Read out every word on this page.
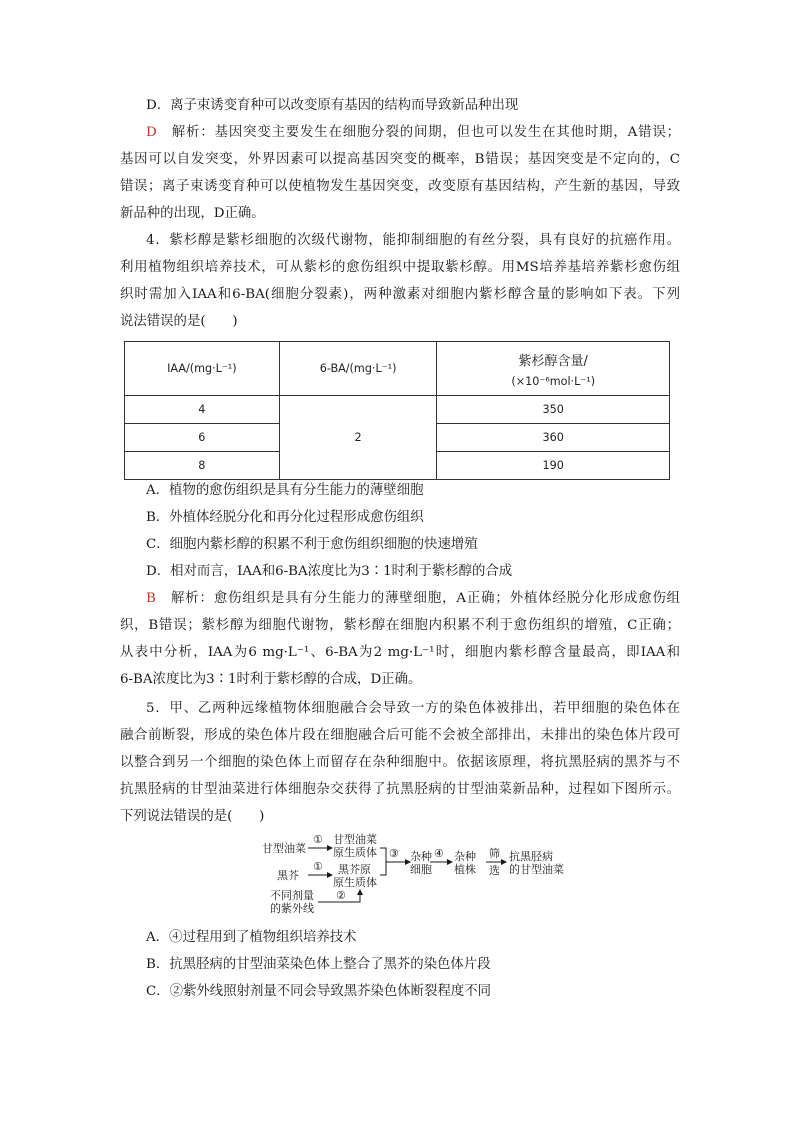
D．离子束诱变育种可以改变原有基因的结构而导致新品种出现
D　 解析：基因突变主要发生在细胞分裂的间期，但也可以发生在其他时期，A错误；
基因可以自发突变，外界因素可以提高基因突变的概率，B错误；基因突变是不定向的，C
错误；离子束诱变育种可以使植物发生基因突变，改变原有基因结构，产生新的基因，导致
新品种的出现，D正确。
4．紫杉醇是紫杉细胞的次级代谢物，能抑制细胞的有丝分裂，具有良好的抗癌作用。
利用植物组织培养技术，可从紫杉的愈伤组织中提取紫杉醇。用MS培养基培养紫杉愈伤组
织时需加入IAA和6-BA(细胞分裂素)，两种激素对细胞内紫杉醇含量的影响如下表。下列
说法错误的是(　　)
IAA/(mg·L⁻¹)	6-BA/(mg·L⁻¹)	紫杉醇含量/
(×10⁻⁶mol·L⁻¹)

4	2	350
6		360
8		190
A．植物的愈伤组织是具有分生能力的薄壁细胞
B．外植体经脱分化和再分化过程形成愈伤组织
C．细胞内紫杉醇的积累不利于愈伤组织细胞的快速增殖
D．相对而言，IAA和6-BA浓度比为3∶1时利于紫杉醇的合成
B　 解析：愈伤组织是具有分生能力的薄壁细胞，A正确；外植体经脱分化形成愈伤组
织，B错误；紫杉醇为细胞代谢物，紫杉醇在细胞内积累不利于愈伤组织的增殖，C正确；
从表中分析，IAA为6 mg·L⁻¹、6-BA为2 mg·L⁻¹时，细胞内紫杉醇含量最高，即IAA和
6-BA浓度比为3∶1时利于紫杉醇的合成，D正确。
5．甲、乙两种远缘植物体细胞融合会导致一方的染色体被排出，若甲细胞的染色体在
融合前断裂，形成的染色体片段在细胞融合后可能不会被全部排出，未排出的染色体片段可
以整合到另一个细胞的染色体上而留存在杂种细胞中。依据该原理，将抗黑胫病的黑芥与不
抗黑胫病的甘型油菜进行体细胞杂交获得了抗黑胫病的甘型油菜新品种，过程如下图所示。
下列说法错误的是(　　)
甘型油菜
黑芥
①
①
甘型油菜
原生质体
黑芥原
原生质体
不同剂量
的紫外线
②
③ 杂种
细胞
④ 杂种
植株
筛
选
抗黑胫病
的甘型油菜
A．④过程用到了植物组织培养技术
B．抗黑胫病的甘型油菜染色体上整合了黑芥的染色体片段
C．②紫外线照射剂量不同会导致黑芥染色体断裂程度不同
